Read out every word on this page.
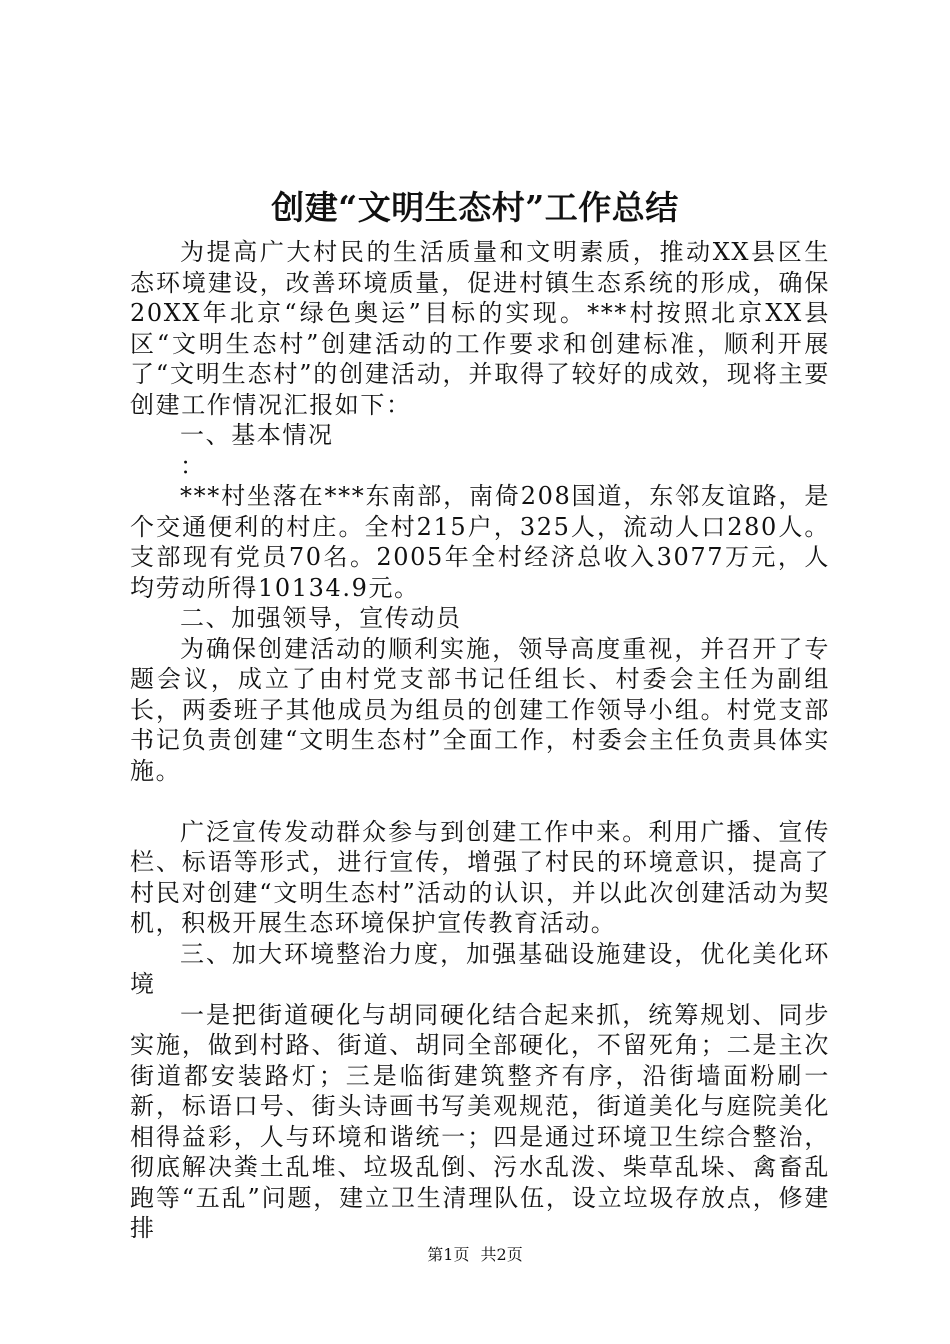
创建“文明生态村”工作总结

为提高广大村民的生活质量和文明素质，推动XX县区生态环境建设，改善环境质量，促进村镇生态系统的形成，确保20XX年北京“绿色奥运”目标的实现。***村按照北京XX县区“文明生态村”创建活动的工作要求和创建标准，顺利开展了“文明生态村”的创建活动，并取得了较好的成效，现将主要创建工作情况汇报如下：

一、基本情况

：

***村坐落在***东南部，南倚208国道，东邻友谊路，是个交通便利的村庄。全村215户，325人，流动人口280人。支部现有党员70名。2005年全村经济总收入3077万元，人均劳动所得10134.9元。

二、加强领导，宣传动员

为确保创建活动的顺利实施，领导高度重视，并召开了专题会议，成立了由村党支部书记任组长、村委会主任为副组长，两委班子其他成员为组员的创建工作领导小组。村党支部书记负责创建“文明生态村”全面工作，村委会主任负责具体实施。

广泛宣传发动群众参与到创建工作中来。利用广播、宣传栏、标语等形式，进行宣传，增强了村民的环境意识，提高了村民对创建“文明生态村”活动的认识，并以此次创建活动为契机，积极开展生态环境保护宣传教育活动。

三、加大环境整治力度，加强基础设施建设，优化美化环境

一是把街道硬化与胡同硬化结合起来抓，统筹规划、同步实施，做到村路、街道、胡同全部硬化，不留死角；二是主次街道都安装路灯；三是临街建筑整齐有序，沿街墙面粉刷一新，标语口号、街头诗画书写美观规范，街道美化与庭院美化相得益彩，人与环境和谐统一；四是通过环境卫生综合整治，彻底解决粪土乱堆、垃圾乱倒、污水乱泼、柴草乱垛、禽畜乱跑等“五乱”问题，建立卫生清理队伍，设立垃圾存放点，修建排

第1页 共2页
